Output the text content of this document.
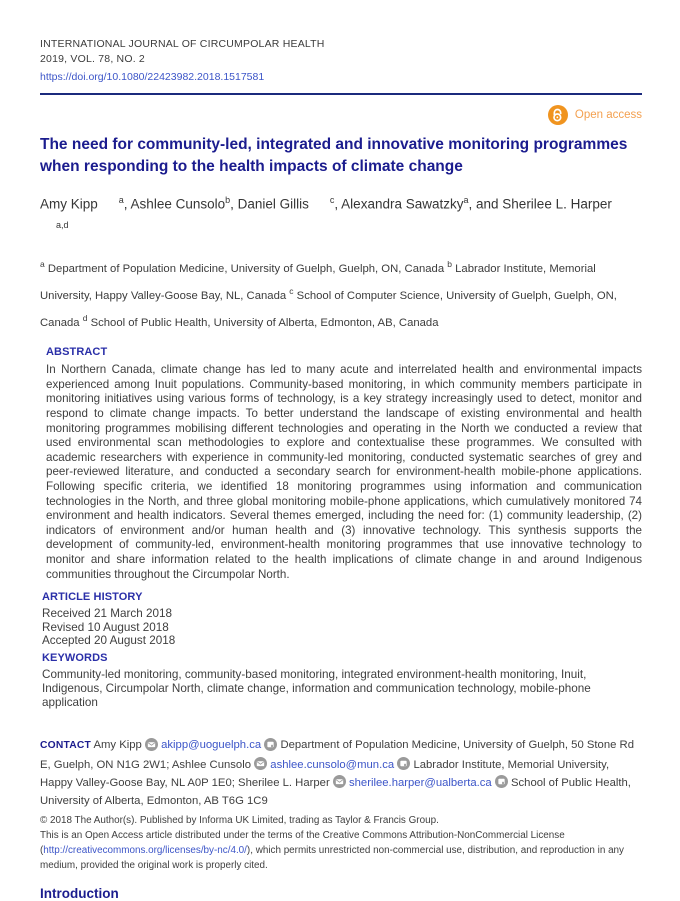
INTERNATIONAL JOURNAL OF CIRCUMPOLAR HEALTH
2019, VOL. 78, NO. 2
https://doi.org/10.1080/22423982.2018.1517581
Open access
The need for community-led, integrated and innovative monitoring programmes when responding to the health impacts of climate change
Amy Kipp $^a$, Ashlee Cunsolo$^b$, Daniel Gillis $^c$, Alexandra Sawatzky$^a$, and Sherilee L. Harper
$^{a,d}$
$^a$ Department of Population Medicine, University of Guelph, Guelph, ON, Canada $^b$ Labrador Institute, Memorial University, Happy Valley-Goose Bay, NL, Canada $^c$ School of Computer Science, University of Guelph, Guelph, ON, Canada $^d$ School of Public Health, University of Alberta, Edmonton, AB, Canada
ABSTRACT

In Northern Canada, climate change has led to many acute and interrelated health and environmental impacts experienced among Inuit populations. Community-based monitoring, in which community members participate in monitoring initiatives using various forms of technology, is a key strategy increasingly used to detect, monitor and respond to climate change impacts. To better understand the landscape of existing environmental and health monitoring programmes mobilising different technologies and operating in the North we conducted a review that used environmental scan methodologies to explore and contextualise these programmes. We consulted with academic researchers with experience in community-led monitoring, conducted systematic searches of grey and peer-reviewed literature, and conducted a secondary search for environment-health mobile-phone applications. Following specific criteria, we identified 18 monitoring programmes using information and communication technologies in the North, and three global monitoring mobile-phone applications, which cumulatively monitored 74 environment and health indicators. Several themes emerged, including the need for: (1) community leadership, (2) indicators of environment and/or human health and (3) innovative technology. This synthesis supports the development of community-led, environment-health monitoring programmes that use innovative technology to monitor and share information related to the health implications of climate change in and around Indigenous communities throughout the Circumpolar North.

ARTICLE HISTORY
Received 21 March 2018
Revised 10 August 2018
Accepted 20 August 2018
KEYWORDS

Community-led monitoring, community-based monitoring, integrated environment-health monitoring, Inuit, Indigenous, Circumpolar North, climate change, information and communication technology, mobile-phone application

CONTACT Amy Kipp akipp@uoguelph.ca Department of Population Medicine, University of Guelph, 50 Stone Rd E, Guelph, ON N1G 2W1; Ashlee Cunsolo ashlee.cunsolo@mun.ca Labrador Institute, Memorial University, Happy Valley-Goose Bay, NL A0P 1E0; Sherilee L. Harper sherilee.harper@ualberta.ca School of Public Health, University of Alberta, Edmonton, AB T6G 1C9

© 2018 The Author(s). Published by Informa UK Limited, trading as Taylor & Francis Group.

This is an Open Access article distributed under the terms of the Creative Commons Attribution-NonCommercial License (http://creativecommons.org/licenses/by-nc/4.0/), which permits unrestricted non-commercial use, distribution, and reproduction in any medium, provided the original work is properly cited.

Introduction
